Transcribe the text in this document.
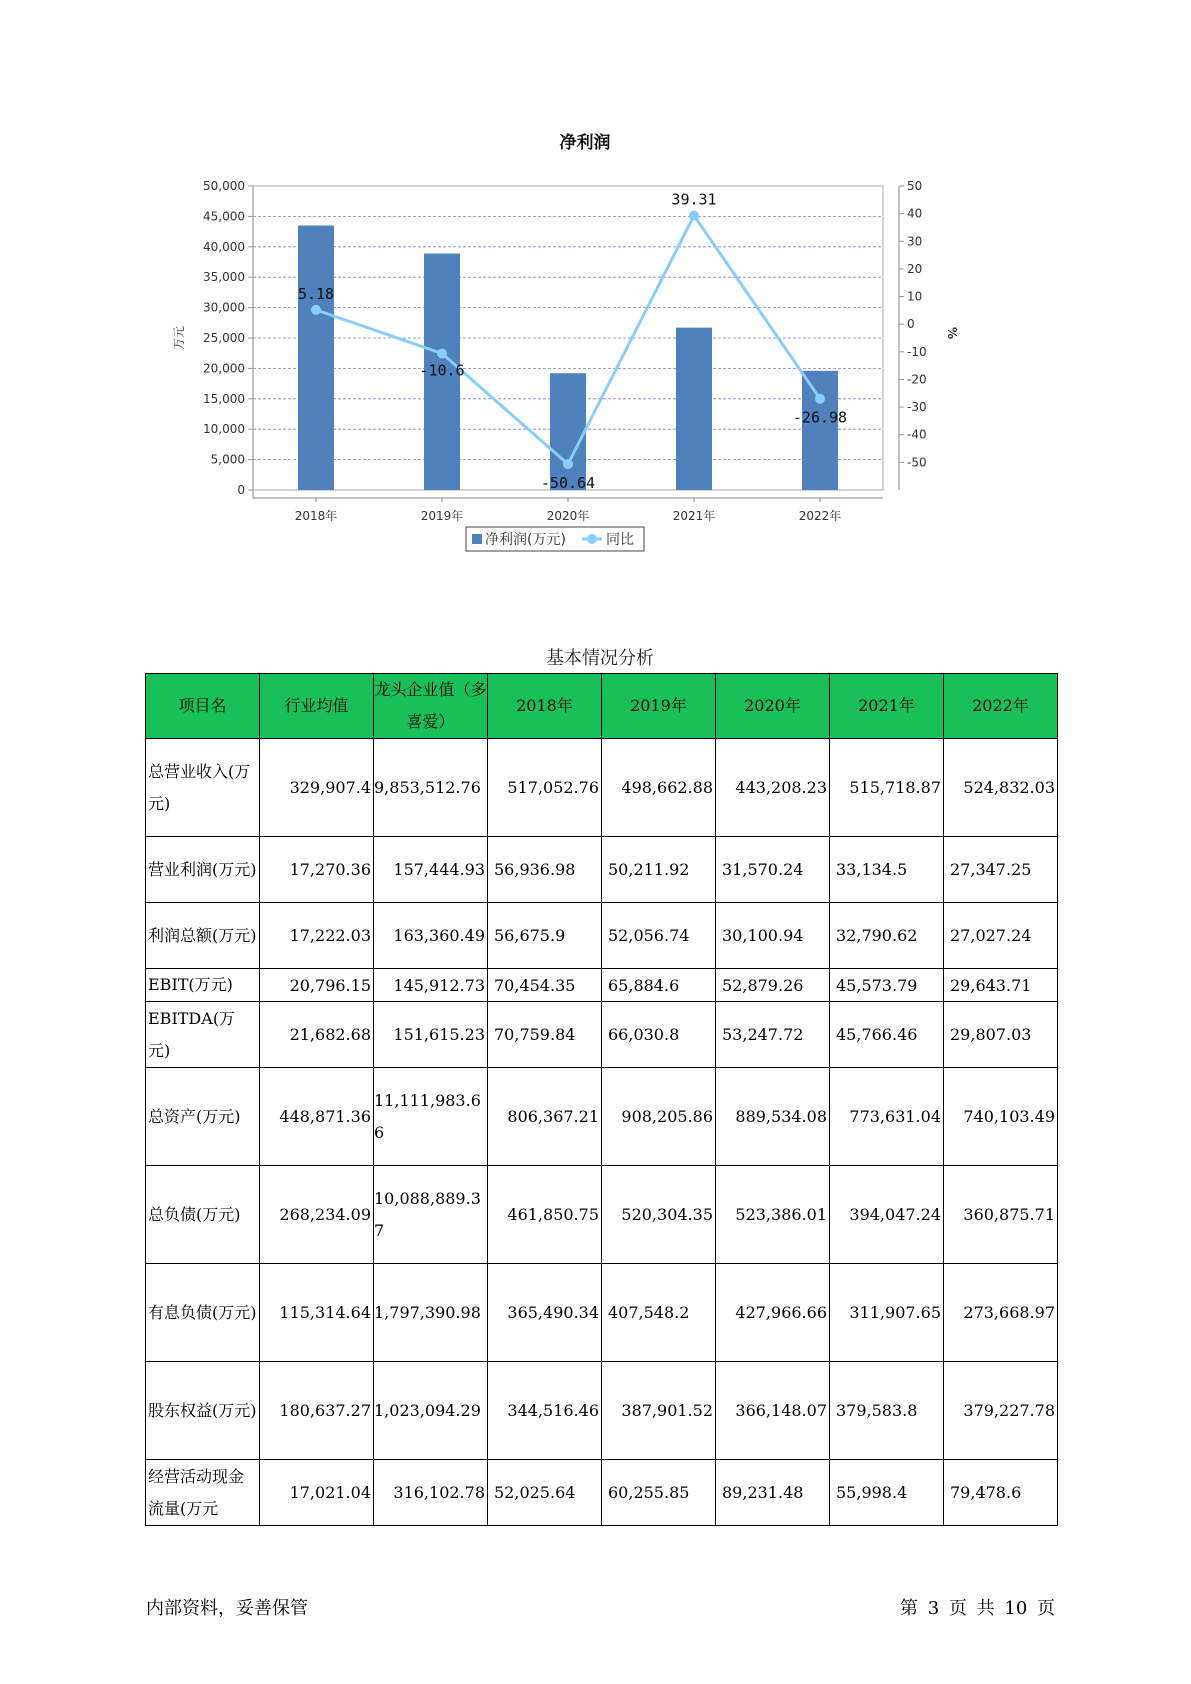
净利润
0
5,000
10,000
15,000
20,000
25,000
30,000
35,000
40,000
45,000
50,000
-50
-40
-30
-20
-10
0
10
20
30
40
50
万元	%
2018年	2019年	2020年	2021年	2022年
5.18
-10.6
-50.64
39.31
-26.98
净利润(万元)	同比
基本情况分析
项目名	行业均值	龙头企业值（多喜爱）	2018年	2019年	2020年	2021年	2022年
总营业收入(万元)	329,907.4	9,853,512.76	517,052.76	498,662.88	443,208.23	515,718.87	524,832.03
营业利润(万元)	17,270.36	157,444.93	56,936.98	50,211.92	31,570.24	33,134.5	27,347.25
利润总额(万元)	17,222.03	163,360.49	56,675.9	52,056.74	30,100.94	32,790.62	27,027.24
EBIT(万元)	20,796.15	145,912.73	70,454.35	65,884.6	52,879.26	45,573.79	29,643.71
EBITDA(万元)	21,682.68	151,615.23	70,759.84	66,030.8	53,247.72	45,766.46	29,807.03
总资产(万元)	448,871.36	11,111,983.66	806,367.21	908,205.86	889,534.08	773,631.04	740,103.49
总负债(万元)	268,234.09	10,088,889.37	461,850.75	520,304.35	523,386.01	394,047.24	360,875.71
有息负债(万元)	115,314.64	1,797,390.98	365,490.34	407,548.2	427,966.66	311,907.65	273,668.97
股东权益(万元)	180,637.27	1,023,094.29	344,516.46	387,901.52	366,148.07	379,583.8	379,227.78
经营活动现金流量(万元	17,021.04	316,102.78	52,025.64	60,255.85	89,231.48	55,998.4	79,478.6
内部资料，妥善保管	第 3 页 共 10 页
